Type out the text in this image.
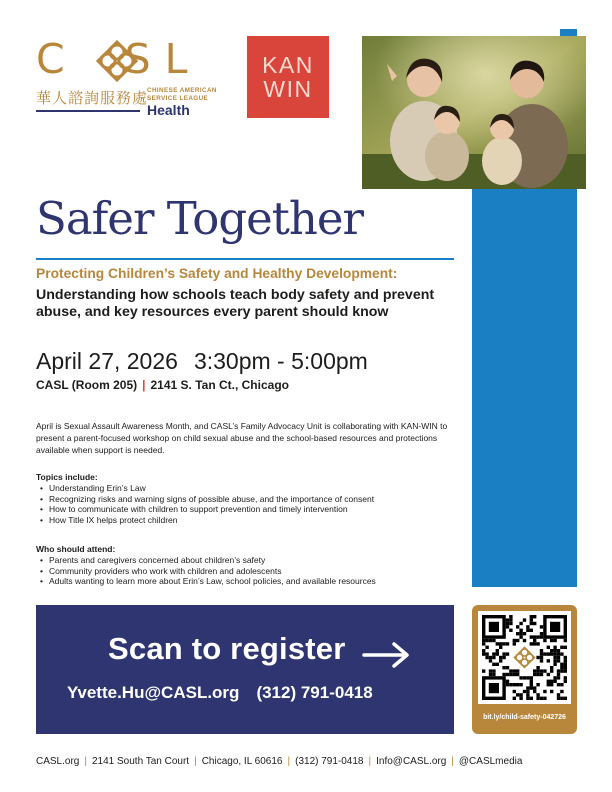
C SL
華人諮詢服務處
CHINESE AMERICAN
SERVICE LEAGUE
Health
KAN
WIN
Safer Together
Protecting Children’s Safety and Healthy Development:
Understanding how schools teach body safety and prevent abuse, and key resources every parent should know
April 27, 2026 3:30pm - 5:00pm
CASL (Room 205) | 2141 S. Tan Ct., Chicago
April is Sexual Assault Awareness Month, and CASL’s Family Advocacy Unit is collaborating with KAN-WIN to present a parent-focused workshop on child sexual abuse and the school-based resources and protections available when support is needed.
Topics include:
• Understanding Erin’s Law
• Recognizing risks and warning signs of possible abuse, and the importance of consent
• How to communicate with children to support prevention and timely intervention
• How Title IX helps protect children
Who should attend:
• Parents and caregivers concerned about children’s safety
• Community providers who work with children and adolescents
• Adults wanting to learn more about Erin’s Law, school policies, and available resources
Scan to register
Yvette.Hu@CASL.org (312) 791-0418
bit.ly/child-safety-042726
CASL.org | 2141 South Tan Court | Chicago, IL 60616 | (312) 791-0418 | Info@CASL.org | @CASLmedia
